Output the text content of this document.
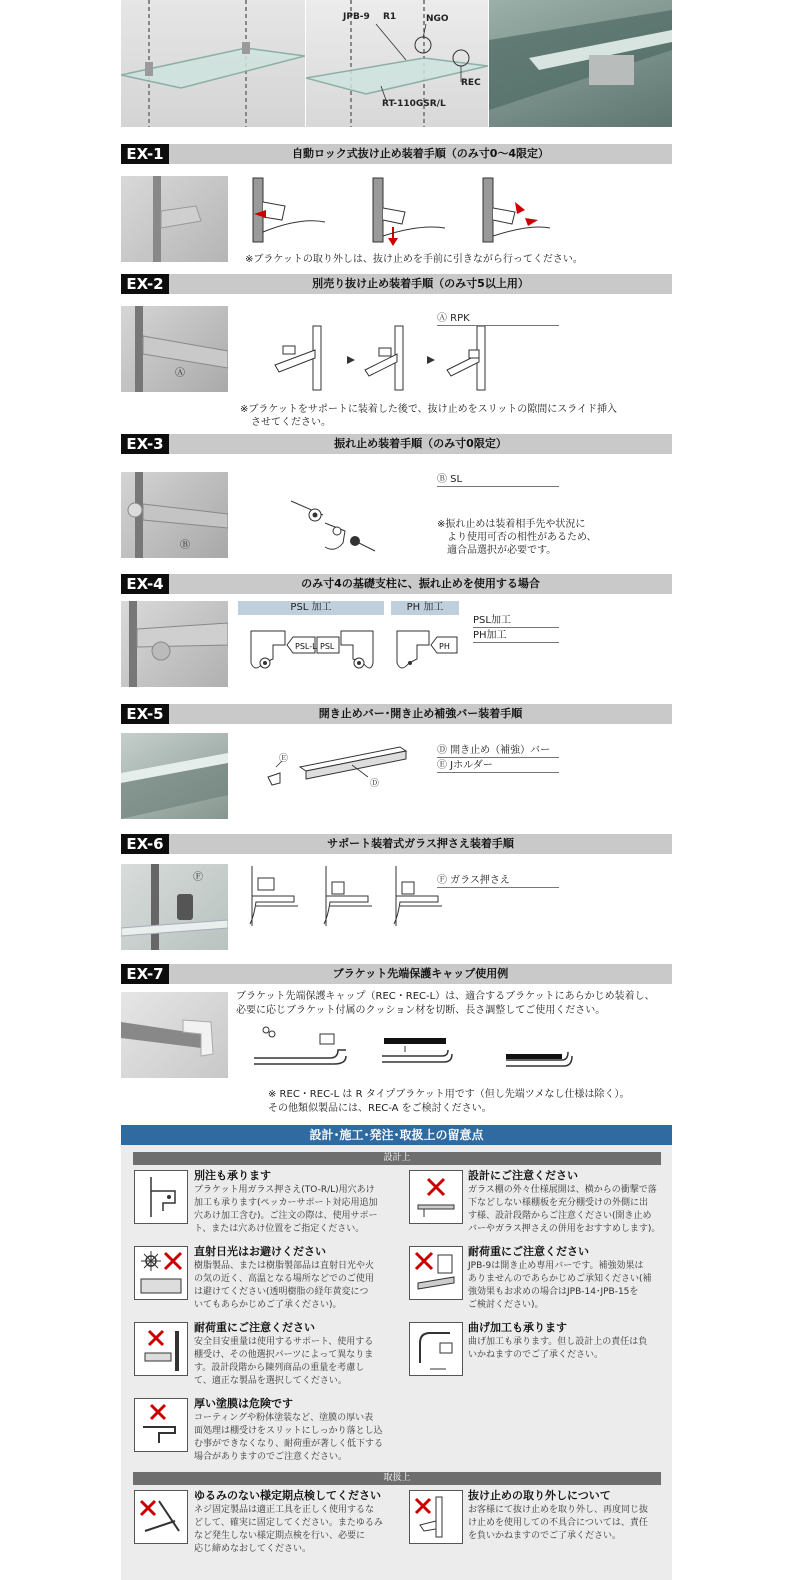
JPB-9 R1	NGO
REC
RT-110GSR/L
EX-1	自動ロック式抜け止め装着手順（のみ寸0～4限定）
※ブラケットの取り外しは、抜け止めを手前に引きながら行ってください。
EX-2	別売り抜け止め装着手順（のみ寸5以上用）
Ⓐ
Ⓐ RPK
※ブラケットをサポートに装着した後で、抜け止めをスリットの隙間にスライド挿入
させてください。
EX-3	振れ止め装着手順（のみ寸0限定）
Ⓑ
Ⓑ SL
※振れ止めは装着相手先や状況に
より使用可否の相性があるため、
適合品選択が必要です。
EX-4	のみ寸4の基礎支柱に、振れ止めを使用する場合
PSL 加工	PH 加工
PSL-L PSL	PH
PSL加工
PH加工
EX-5	開き止めバー･開き止め補強バー装着手順
Ⓔ
Ⓓ
Ⓓ 開き止め（補強）バー
Ⓔ Jホルダー
EX-6	サポート装着式ガラス押さえ装着手順
Ⓕ	Ⓕ ガラス押さえ
EX-7	ブラケット先端保護キャップ使用例
ブラケット先端保護キャップ（REC・REC-L）は、適合するブラケットにあらかじめ装着し、
必要に応じブラケット付属のクッション材を切断、長さ調整してご使用ください。
※ REC・REC-L は R タイプブラケット用です（但し先端ツメなし仕様は除く）。
その他類似製品には、REC-A をご検討ください。
設計･施工･発注･取扱上の留意点
設計上
別注も承ります
ブラケット用ガラス押さえ(TO-R/L)用穴あけ
加工も承ります(ペッカーサポート対応用追加
穴あけ加工含む)。ご注文の際は、使用サポー
ト、または穴あけ位置をご指定ください。
設計にご注意ください
ガラス棚の外々仕様展開は、横からの衝撃で落
下などしない様棚板を充分棚受けの外側に出
す様、設計段階からご注意ください(開き止め
バーやガラス押さえの併用をおすすめします)。
直射日光はお避けください
樹脂製品、または樹脂製部品は直射日光や火
の気の近く、高温となる場所などでのご使用
は避けてください(透明樹脂の経年黄変につ
いてもあらかじめご了承ください)。
耐荷重にご注意ください
JPB-9は開き止め専用バーです。補強効果は
ありませんのであらかじめご承知ください(補
強効果もお求めの場合はJPB-14･JPB-15を
ご検討ください)。
耐荷重にご注意ください
安全目安重量は使用するサポート、使用する
棚受け、その他選択パーツによって異なりま
す。設計段階から陳列商品の重量を考慮し
て、適正な製品を選択してください。
曲げ加工も承ります
曲げ加工も承ります。但し設計上の責任は負
いかねますのでご了承ください。
厚い塗膜は危険です
コーティングや粉体塗装など、塗膜の厚い表
面処理は棚受けをスリットにしっかり落とし込
む事ができなくなり、耐荷重が著しく低下する
場合がありますのでご注意ください。
取扱上
ゆるみのない様定期点検してください
ネジ固定製品は適正工具を正しく使用するな
どして、確実に固定してください。またゆるみ
など発生しない様定期点検を行い、必要に
応じ締めなおしてください。
抜け止めの取り外しについて
お客様にて抜け止めを取り外し、再度同じ抜
け止めを使用しての不具合については、責任
を負いかねますのでご了承ください。
